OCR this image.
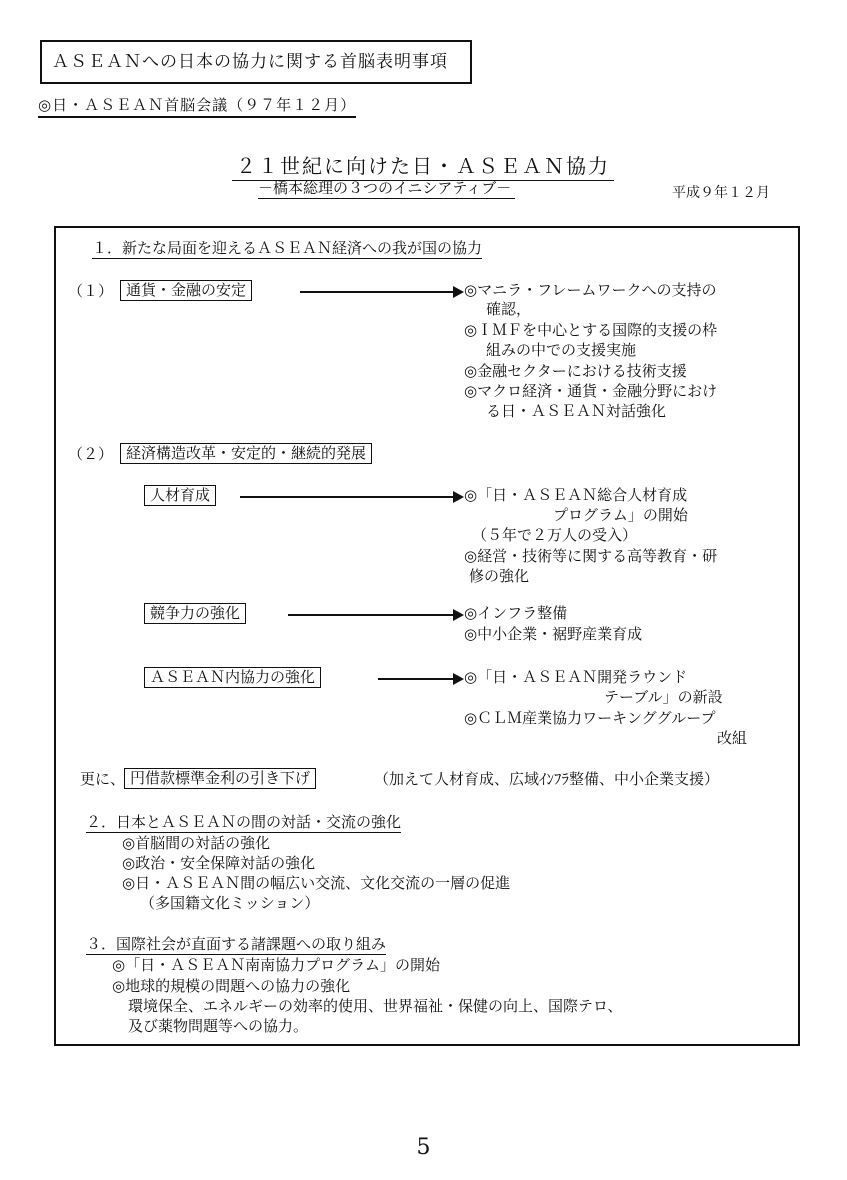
ＡＳＥＡＮへの日本の協力に関する首脳表明事項
◎日・ＡＳＥＡＮ首脳会議（９７年１２月）
２１世紀に向けた日・ＡＳＥＡＮ協力
－橋本総理の３つのイニシアティブ－	平成９年１２月
１．新たな局面を迎えるＡＳＥＡＮ経済への我が国の協力
（１） 通貨・金融の安定	◎マニラ・フレームワークへの支持の
確認，
◎ＩＭＦを中心とする国際的支援の枠
組みの中での支援実施
◎金融セクターにおける技術支援
◎マクロ経済・通貨・金融分野におけ
る日・ＡＳＥＡＮ対話強化
（２） 経済構造改革・安定的・継続的発展
人材育成	◎「日・ＡＳＥＡＮ総合人材育成
プログラム」の開始
（５年で２万人の受入）
◎経営・技術等に関する高等教育・研
修の強化
競争力の強化	◎インフラ整備
◎中小企業・裾野産業育成
ＡＳＥＡＮ内協力の強化	◎「日・ＡＳＥＡＮ開発ラウンド
テーブル」の新設
◎ＣＬＭ産業協力ワーキンググループ
改組
更に、 円借款標準金利の引き下げ	（加えて人材育成、広域ｲﾝﾌﾗ整備、中小企業支援）
２．日本とＡＳＥＡＮの間の対話・交流の強化
◎首脳間の対話の強化
◎政治・安全保障対話の強化
◎日・ＡＳＥＡＮ間の幅広い交流、文化交流の一層の促進
（多国籍文化ミッション）
３．国際社会が直面する諸課題への取り組み
◎「日・ＡＳＥＡＮ南南協力プログラム」の開始
◎地球的規模の問題への協力の強化
環境保全、エネルギーの効率的使用、世界福祉・保健の向上、国際テロ、
及び薬物問題等への協力。
5
